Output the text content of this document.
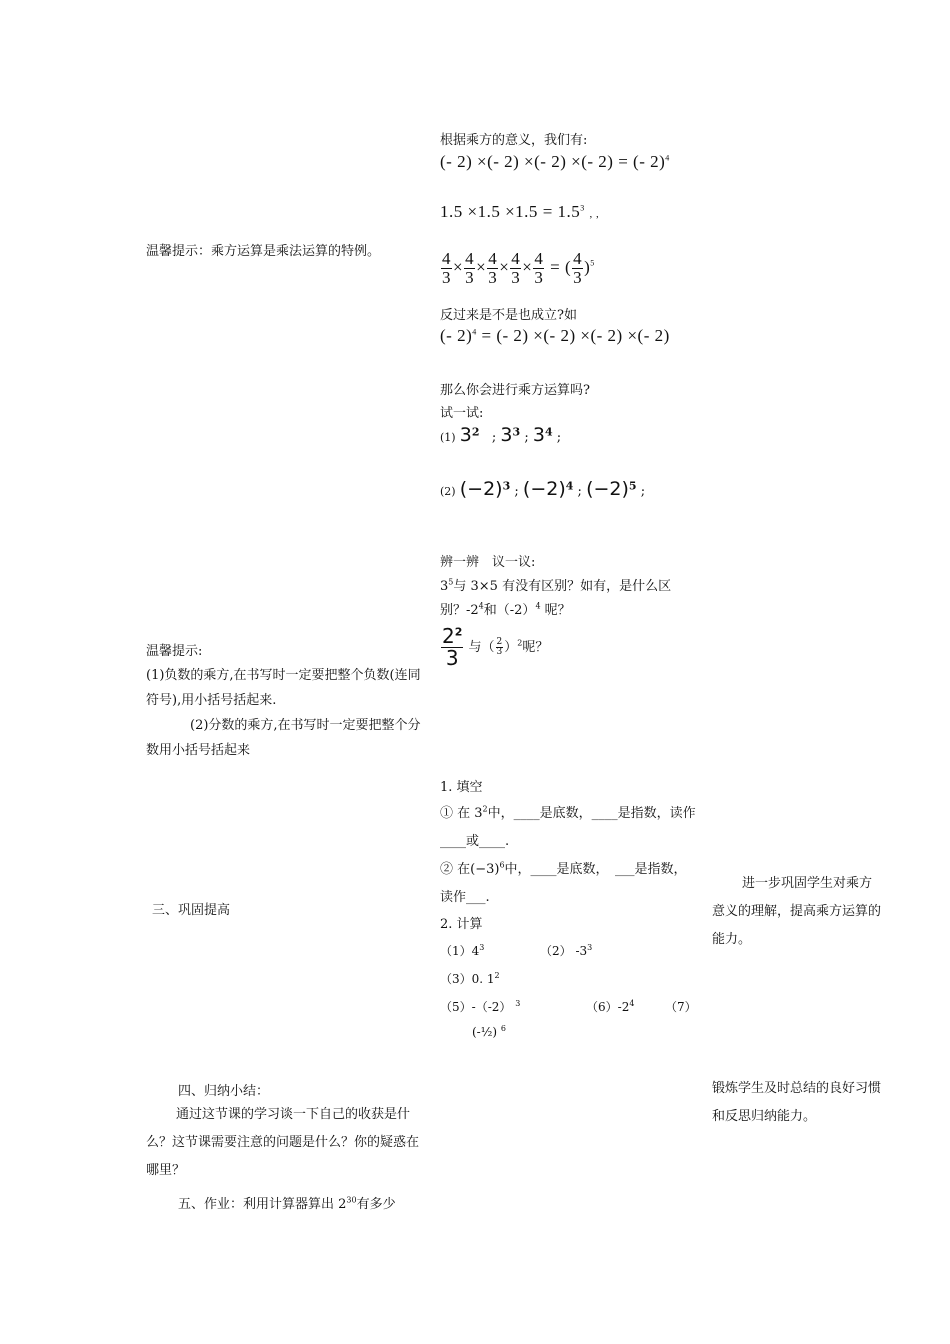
温馨提示：乘方运算是乘法运算的特例。
温馨提示:
(1)负数的乘方,在书写时一定要把整个负数(连同符号),用小括号括起来.
(2)分数的乘方,在书写时一定要把整个分数用小括号括起来
三、巩固提高
四、归纳小结：
通过这节课的学习谈一下自己的收获是什么？这节课需要注意的问题是什么？你的疑惑在哪里？
五、作业：利用计算器算出 $2^{30}$有多少
根据乘方的意义，我们有:
(- 2) ×(- 2) ×(- 2) ×(- 2) = (- 2)$^4$
$1.5 \times 1.5 \times 1.5 = 1.5^3$ , ,
$\frac{4}{3} \times \frac{4}{3} \times \frac{4}{3} \times \frac{4}{3} \times \frac{4}{3}$ = ( $\frac{4}{3} )^5$
反过来是不是也成立?如
(- 2)$^4$ = (- 2) ×(- 2) ×(- 2) ×(- 2)
那么你会进行乘方运算吗?
试一试:
(1) $3^2$ ; $3^3$ ; $3^4$ ;
(2) $(-2)^3$ ; $(-2)^4$ ; $(-2)^5$ ;
辨一辨　议一议:
$3^5$与 3×5 有没有区别？如有，是什么区别？$-2^4$和$(-2)^4$ 呢？
$\frac{2^2}{3}$ 与（ $\frac{2}{3} )^2$呢？
1. 填空
① 在 $3^2$中，____是底数，____是指数，读作____或____.
② 在$(-3)^6$中，____是底数，　___是指数，读作___.
2. 计算
$(1)4^3$	（2） $-3^3$
（3）0. $1^2$
（5）-（-2） $^3$	$(6)-2^4$	（7）
(-½) $^6$
进一步巩固学生对乘方意义的理解，提高乘方运算的能力。
锻炼学生及时总结的良好习惯和反思归纳能力。
